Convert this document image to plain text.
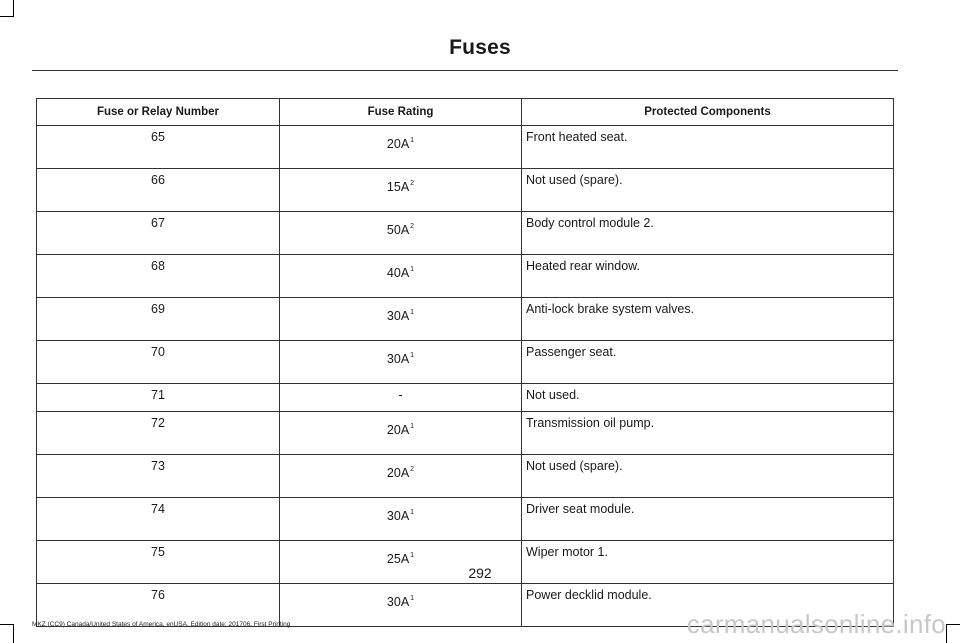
Fuses
Fuse or Relay Number	Fuse Rating	Protected Components
65	20A$^1$	Front heated seat.
66	15A$^2$	Not used (spare).
67	50A$^2$	Body control module 2.
68	40A$^1$	Heated rear window.
69	30A$^1$	Anti-lock brake system valves.
70	30A$^1$	Passenger seat.
71	-	Not used.
72	20A$^1$	Transmission oil pump.
73	20A$^2$	Not used (spare).
74	30A$^1$	Driver seat module.
75	25A$^1$	Wiper motor 1.
76	30A$^1$	Power decklid module.
292
MKZ (CC9) Canada/United States of America, enUSA, Edition date: 201706, First Printing	carmanualsonline.info
